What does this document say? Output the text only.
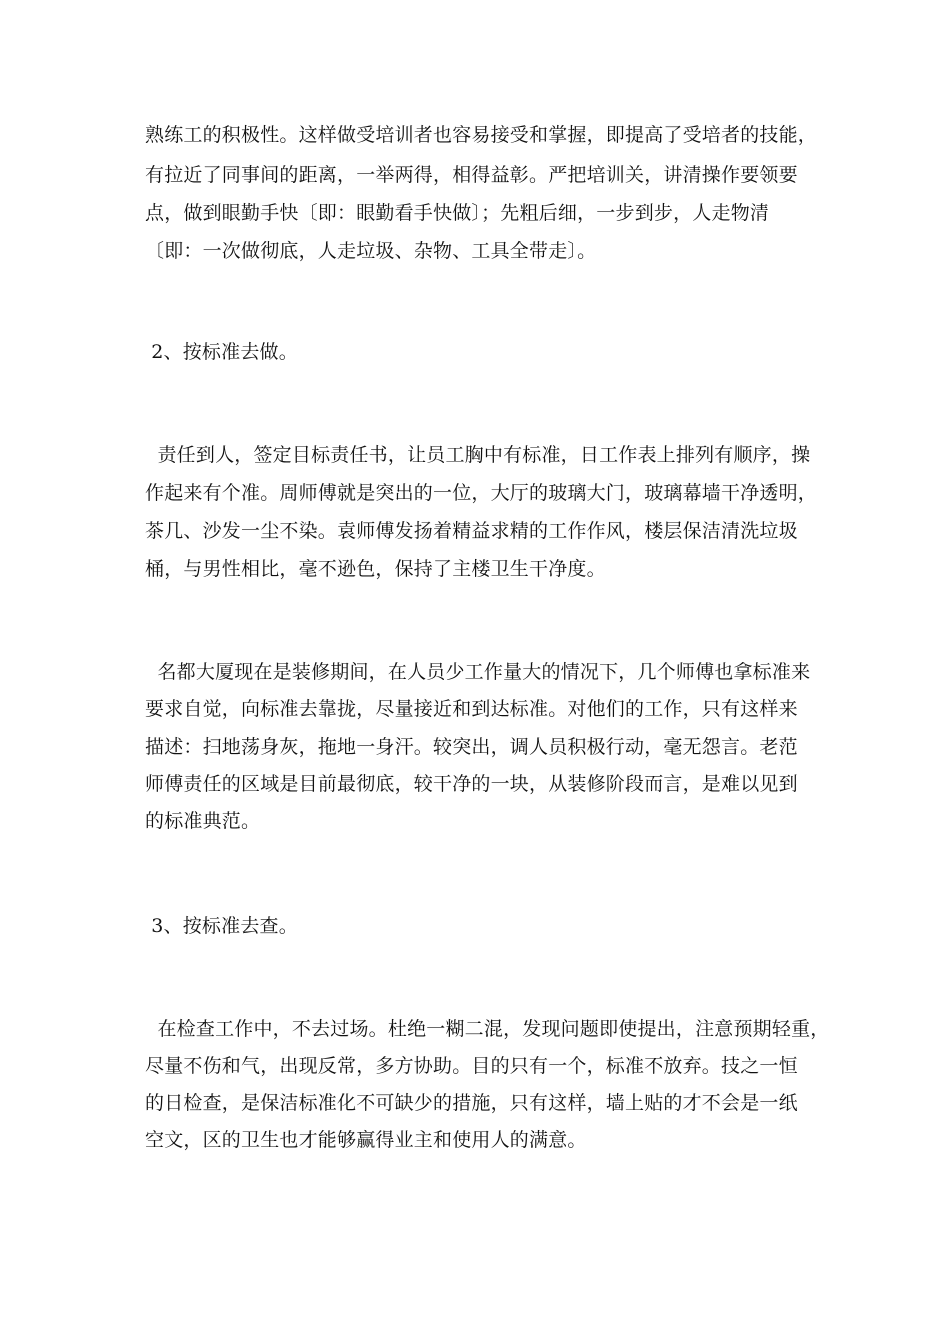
熟练工的积极性。这样做受培训者也容易接受和掌握，即提高了受培者的技能，
有拉近了同事间的距离，一举两得，相得益彰。严把培训关，讲清操作要领要
点，做到眼勤手快〔即：眼勤看手快做〕；先粗后细，一步到步，人走物清
〔即：一次做彻底，人走垃圾、杂物、工具全带走〕。
2、按标准去做。
责任到人，签定目标责任书，让员工胸中有标准，日工作表上排列有顺序，操
作起来有个准。周师傅就是突出的一位，大厅的玻璃大门，玻璃幕墙干净透明，
茶几、沙发一尘不染。袁师傅发扬着精益求精的工作作风，楼层保洁清洗垃圾
桶，与男性相比，毫不逊色，保持了主楼卫生干净度。
名都大厦现在是装修期间，在人员少工作量大的情况下，几个师傅也拿标准来
要求自觉，向标准去靠拢，尽量接近和到达标准。对他们的工作，只有这样来
描述：扫地荡身灰，拖地一身汗。较突出，调人员积极行动，毫无怨言。老范
师傅责任的区域是目前最彻底，较干净的一块，从装修阶段而言，是难以见到
的标准典范。
3、按标准去查。
在检查工作中，不去过场。杜绝一糊二混，发现问题即使提出，注意预期轻重，
尽量不伤和气，出现反常，多方协助。目的只有一个，标准不放弃。技之一恒
的日检查，是保洁标准化不可缺少的措施，只有这样，墙上贴的才不会是一纸
空文，区的卫生也才能够赢得业主和使用人的满意。
